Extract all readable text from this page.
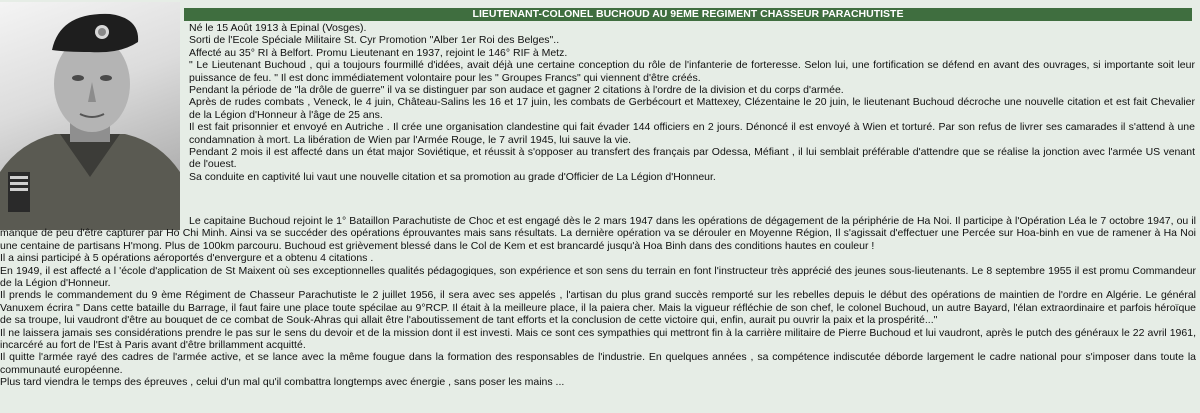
LIEUTENANT-COLONEL BUCHOUD AU 9EME REGIMENT CHASSEUR PARACHUTISTE

Né le 15 Août 1913 à Epinal (Vosges).

Sorti de l'Ecole Spéciale Militaire St. Cyr Promotion "Alber 1er Roi des Belges"..

Affecté au 35° RI à Belfort. Promu Lieutenant en 1937, rejoint le 146° RIF à Metz.

" Le Lieutenant Buchoud , qui a toujours fourmillé d'idées, avait déjà une certaine conception du rôle de l'infanterie de forteresse. Selon lui, une fortification se défend en avant des ouvrages, si importante soit leur puissance de feu. " Il est donc immédiatement volontaire pour les " Groupes Francs" qui viennent d'être créés.

Pendant la période de "la drôle de guerre" il va se distinguer par son audace et gagner 2 citations à l'ordre de la division et du corps d'armée.

Après de rudes combats , Veneck, le 4 juin, Château-Salins les 16 et 17 juin, les combats de Gerbécourt et Mattexey, Clézentaine le 20 juin, le lieutenant Buchoud décroche une nouvelle citation et est fait Chevalier de la Légion d'Honneur à l'âge de 25 ans.

Il est fait prisonnier et envoyé en Autriche . Il crée une organisation clandestine qui fait évader 144 officiers en 2 jours. Dénoncé il est envoyé à Wien et torturé. Par son refus de livrer ses camarades il s'attend à une condamnation à mort. La libération de Wien par l'Armée Rouge, le 7 avril 1945, lui sauve la vie.

Pendant 2 mois il est affecté dans un état major Soviétique, et réussit à s'opposer au transfert des français par Odessa, Méfiant , il lui semblait préférable d'attendre que se réalise la jonction avec l'armée US venant de l'ouest.

Sa conduite en captivité lui vaut une nouvelle citation et sa promotion au grade d'Officier de La Légion d'Honneur.

Le capitaine Buchoud rejoint le 1° Bataillon Parachutiste de Choc et est engagé dès le 2 mars 1947 dans les opérations de dégagement de la périphérie de Ha Noi. Il participe à l'Opération Léa le 7 octobre 1947, ou il manque de peu d'être capturer par Ho Chi Minh. Ainsi va se succéder des opérations éprouvantes mais sans résultats. La dernière opération va se dérouler en Moyenne Région, Il s'agissait d'effectuer une Percée sur Hoa-binh en vue de ramener à Ha Noi une centaine de partisans H'mong. Plus de 100km parcouru. Buchoud est grièvement blessé dans le Col de Kem et est brancardé jusqu'à Hoa Binh dans des conditions hautes en couleur !

Il a ainsi participé à 5 opérations aéroportés d'envergure et a obtenu 4 citations .

En 1949, il est affecté a l 'école d'application de St Maixent où ses exceptionnelles qualités pédagogiques, son expérience et son sens du terrain en font l'instructeur très apprécié des jeunes sous-lieutenants. Le 8 septembre 1955 il est promu Commandeur de la Légion d'Honneur.

Il prends le commandement du 9 ème Régiment de Chasseur Parachutiste le 2 juillet 1956, il sera avec ses appelés , l'artisan du plus grand succès remporté sur les rebelles depuis le début des opérations de maintien de l'ordre en Algérie. Le général Vanuxem écrira " Dans cette bataille du Barrage, il faut faire une place toute spécilae au 9°RCP. Il était à la meilleure place, il la paiera cher. Mais la vigueur réfléchie de son chef, le colonel Buchoud, un autre Bayard, l'élan extraordinaire et parfois héroïque de sa troupe, lui vaudront d'être au bouquet de ce combat de Souk-Ahras qui allait être l'aboutissement de tant efforts et la conclusion de cette victoire qui, enfin, aurait pu ouvrir la paix et la prospérité..."

Il ne laissera jamais ses considérations prendre le pas sur le sens du devoir et de la mission dont il est investi. Mais ce sont ces sympathies qui mettront fin à la carrière militaire de Pierre Buchoud et lui vaudront, après le putch des généraux le 22 avril 1961, incarcéré au fort de l'Est à Paris avant d'être brillamment acquitté.

Il quitte l'armée rayé des cadres de l'armée active, et se lance avec la même fougue dans la formation des responsables de l'industrie. En quelques années , sa compétence indiscutée déborde largement le cadre national pour s'imposer dans toute la communauté européenne.

Plus tard viendra le temps des épreuves , celui d'un mal qu'il combattra longtemps avec énergie , sans poser les mains ...
